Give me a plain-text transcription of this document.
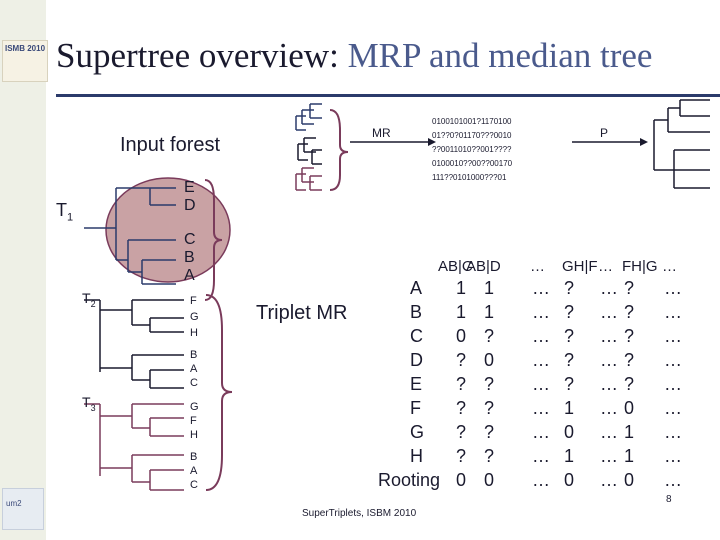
ISMB 2010
um2
Supertree overview: MRP and median tree
Input forest
MR	P
Triplet MR
$T_1$
$T_2$
$T_3$
E
D
C
B
A
F
G
H
B
A
C
G
F
H
B
A
C
0100101001?1170100
01??0?01170???0010
??0011010??001????
0100010??00??00170
111??0101000???01
AB|C
AB|D … GH|F … FH|G …
A 1 1 … ? … ? …
B 1 1 … ? … ? …
C 0 ? … ? … ? …
D ? 0 … ? … ? …
E ? ? … ? … ? …
F ? ? … 1 … 0 …
G ? ? … 0 … 1 …
H ? ? … 1 … 1 …
Rooting 0 0 … 0 … 0 …
SuperTriplets, ISBM 2010
8
